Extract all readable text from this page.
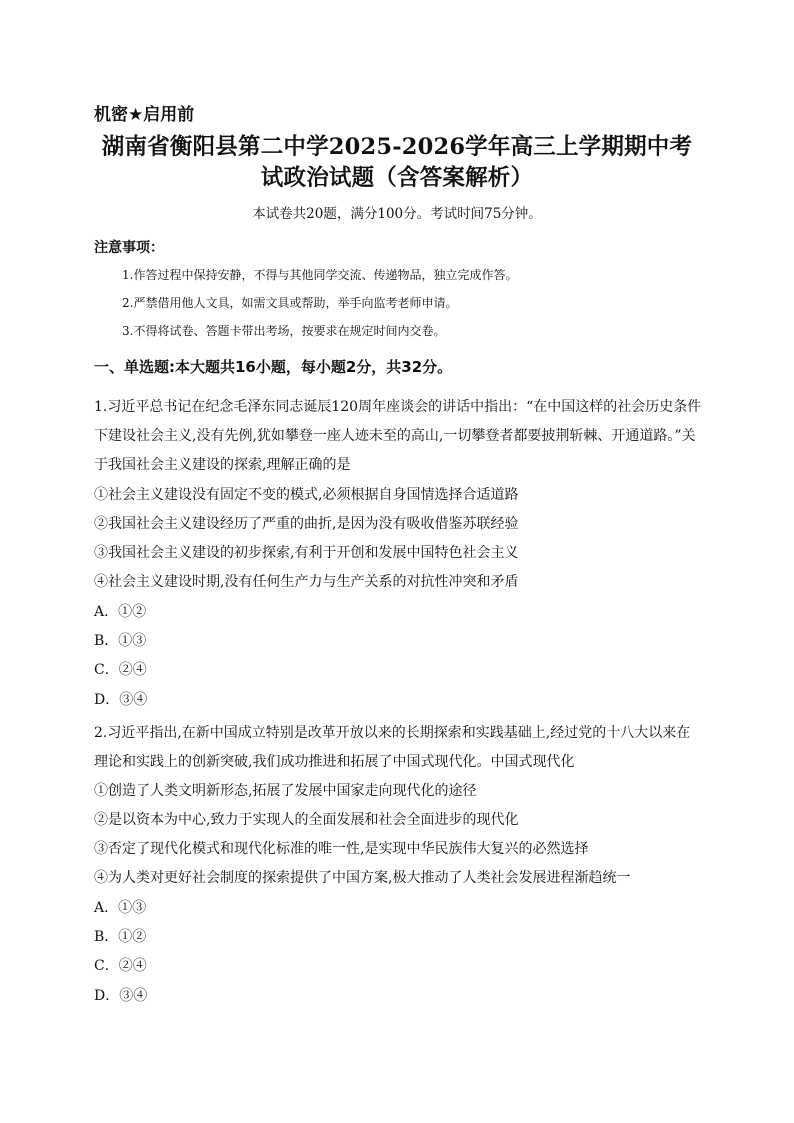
机密★启用前
湖南省衡阳县第二中学2025-2026学年高三上学期期中考
试政治试题（含答案解析）
本试卷共20题，满分100分。考试时间75分钟。
注意事项：
1.作答过程中保持安静，不得与其他同学交流、传递物品，独立完成作答。
2.严禁借用他人文具，如需文具或帮助，举手向监考老师申请。
3.不得将试卷、答题卡带出考场，按要求在规定时间内交卷。
一、单选题:本大题共16小题，每小题2分，共32分。
1.习近平总书记在纪念毛泽东同志诞辰120周年座谈会的讲话中指出：“在中国这样的社会历史条件
下建设社会主义,没有先例,犹如攀登一座人迹未至的高山,一切攀登者都要披荆斩棘、开通道路。”关
于我国社会主义建设的探索,理解正确的是
①社会主义建设没有固定不变的模式,必须根据自身国情选择合适道路
②我国社会主义建设经历了严重的曲折,是因为没有吸收借鉴苏联经验
③我国社会主义建设的初步探索,有利于开创和发展中国特色社会主义
④社会主义建设时期,没有任何生产力与生产关系的对抗性冲突和矛盾
A．①②
B．①③
C．②④
D．③④
2.习近平指出,在新中国成立特别是改革开放以来的长期探索和实践基础上,经过党的十八大以来在
理论和实践上的创新突破,我们成功推进和拓展了中国式现代化。中国式现代化
①创造了人类文明新形态,拓展了发展中国家走向现代化的途径
②是以资本为中心,致力于实现人的全面发展和社会全面进步的现代化
③否定了现代化模式和现代化标准的唯一性,是实现中华民族伟大复兴的必然选择
④为人类对更好社会制度的探索提供了中国方案,极大推动了人类社会发展进程渐趋统一
A．①③
B．①②
C．②④
D．③④
